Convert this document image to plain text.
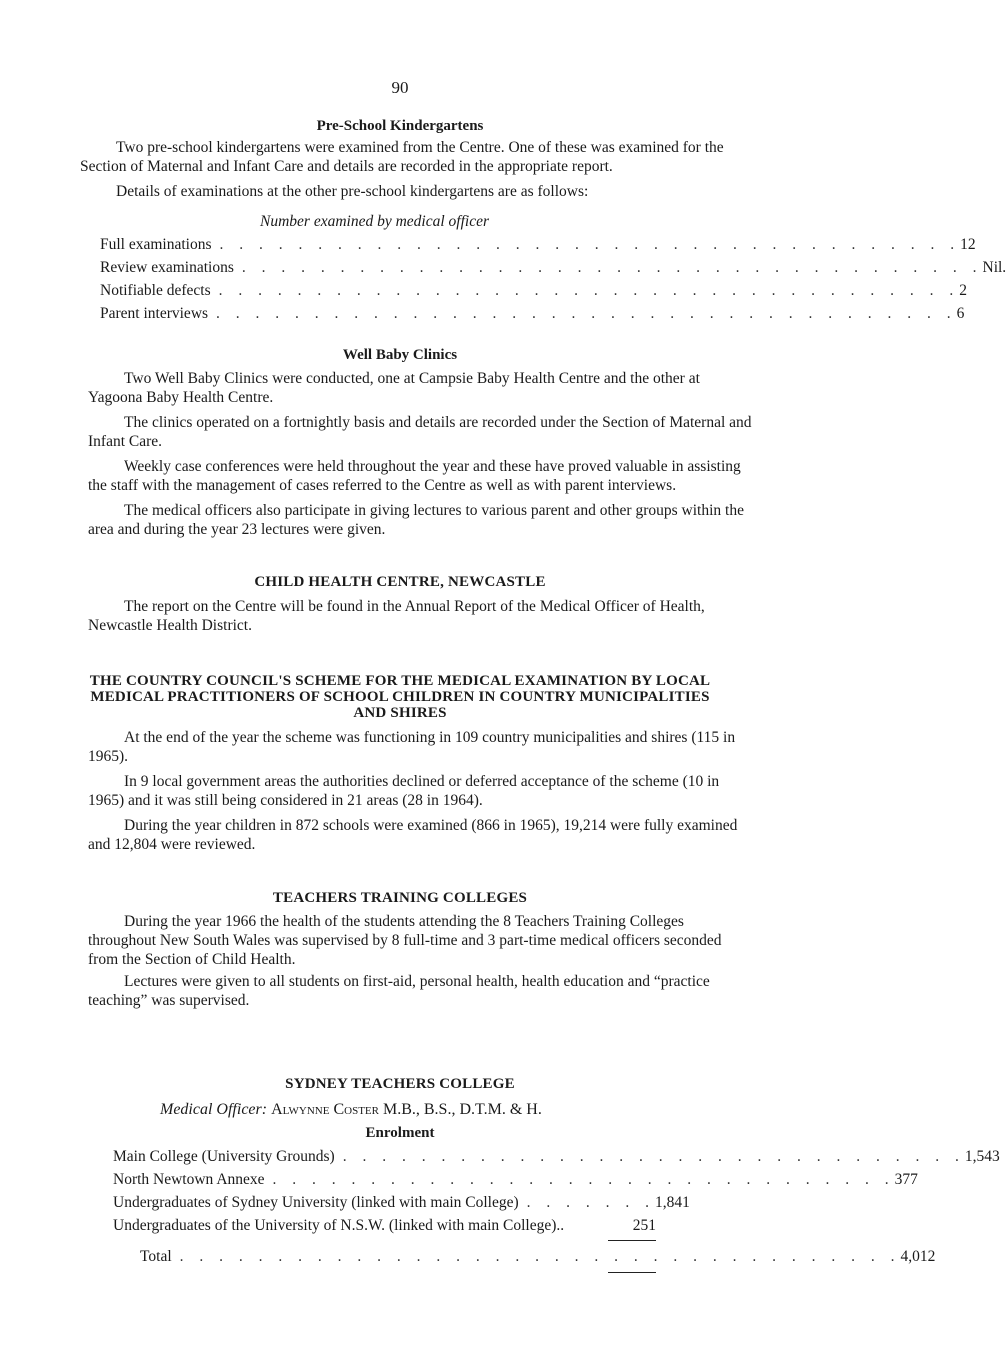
90
Pre-School Kindergartens
Two pre-school kindergartens were examined from the Centre. One of these was examined for the Section of Maternal and Infant Care and details are recorded in the appropriate report.
Details of examinations at the other pre-school kindergartens are as follows:
Number examined by medical officer
Full examinations . . . . . . . . . . . . . . . . . . . . . . . . . . . . . . . . . . . . . . 12
Review examinations . . . . . . . . . . . . . . . . . . . . . . . . . . . . . . . . . . . . . . Nil.
Notifiable defects . . . . . . . . . . . . . . . . . . . . . . . . . . . . . . . . . . . . . . 2
Parent interviews . . . . . . . . . . . . . . . . . . . . . . . . . . . . . . . . . . . . . . 6
Well Baby Clinics
Two Well Baby Clinics were conducted, one at Campsie Baby Health Centre and the other at Yagoona Baby Health Centre.
The clinics operated on a fortnightly basis and details are recorded under the Section of Maternal and Infant Care.
Weekly case conferences were held throughout the year and these have proved valuable in assisting the staff with the management of cases referred to the Centre as well as with parent interviews.
The medical officers also participate in giving lectures to various parent and other groups within the area and during the year 23 lectures were given.
CHILD HEALTH CENTRE, NEWCASTLE
The report on the Centre will be found in the Annual Report of the Medical Officer of Health, Newcastle Health District.
THE COUNTRY COUNCIL'S SCHEME FOR THE MEDICAL EXAMINATION BY LOCAL
MEDICAL PRACTITIONERS OF SCHOOL CHILDREN IN COUNTRY MUNICIPALITIES
AND SHIRES
At the end of the year the scheme was functioning in 109 country municipalities and shires (115 in 1965).
In 9 local government areas the authorities declined or deferred acceptance of the scheme (10 in 1965) and it was still being considered in 21 areas (28 in 1964).
During the year children in 872 schools were examined (866 in 1965), 19,214 were fully examined and 12,804 were reviewed.
TEACHERS TRAINING COLLEGES
During the year 1966 the health of the students attending the 8 Teachers Training Colleges throughout New South Wales was supervised by 8 full-time and 3 part-time medical officers seconded from the Section of Child Health.
Lectures were given to all students on first-aid, personal health, health education and “practice teaching” was supervised.
SYDNEY TEACHERS COLLEGE
Medical Officer: Alwynne Coster M.B., B.S., D.T.M. & H.
Enrolment
Main College (University Grounds) . . . . . . . . . . . . . . . . . . . . . . . . . . . . . . . . 1,543
North Newtown Annexe . . . . . . . . . . . . . . . . . . . . . . . . . . . . . . . . 377
Undergraduates of Sydney University (linked with main College) . . . . . . . 1,841
Undergraduates of the University of N.S.W. (linked with main College)..	251
Total . . . . . . . . . . . . . . . . . . . . . . . . . . . . . . . . . . . . . 4,012
